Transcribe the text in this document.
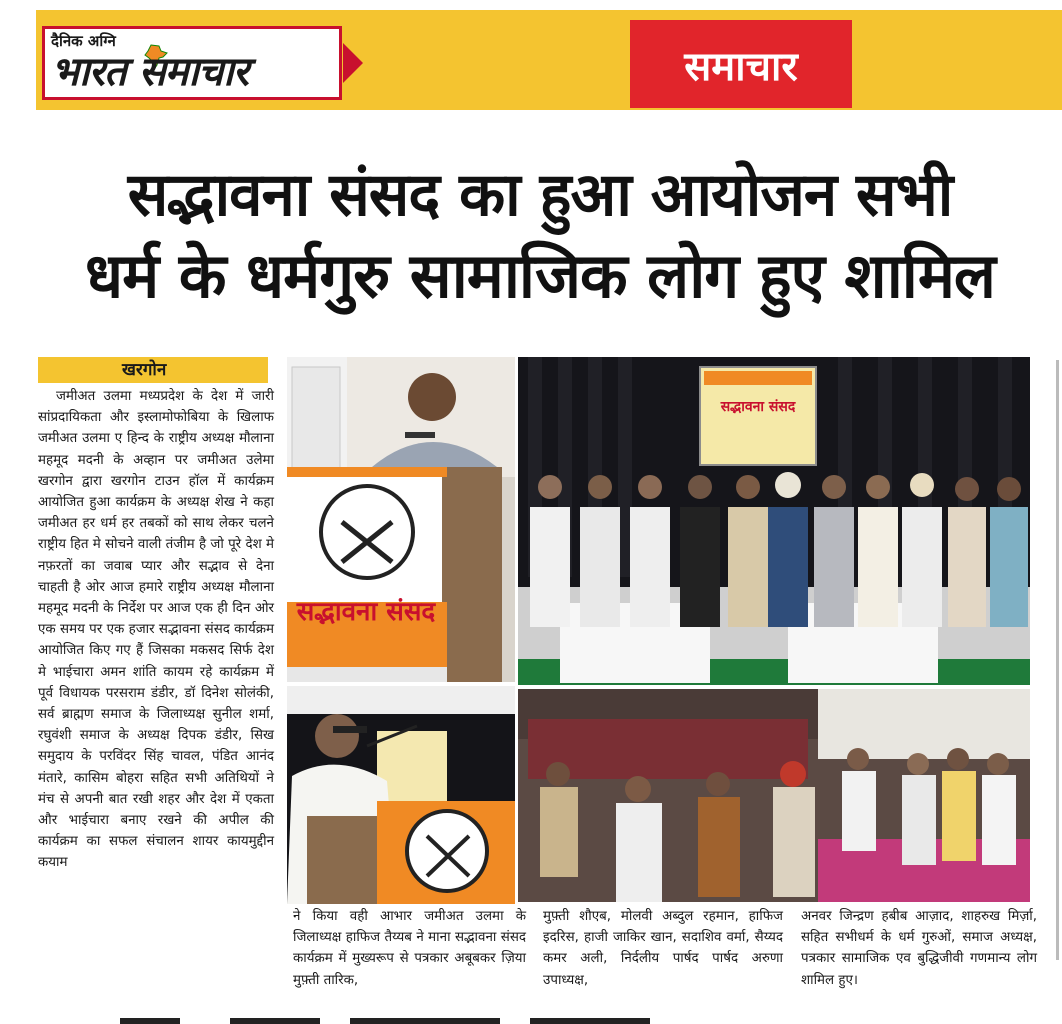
दैनिक अग्नि
भारत समाचार	समाचार
सद्भावना संसद का हुआ आयोजन सभी
धर्म के धर्मगुरु सामाजिक लोग हुए शामिल
खरगोन
जमीअत उलमा मध्यप्रदेश के देश में जारी सांप्रदायिकता और इस्लामोफोबिया के खिलाफ जमीअत उलमा ए हिन्द के राष्ट्रीय अध्यक्ष मौलाना महमूद मदनी के अव्हान पर जमीअत उलेमा खरगोन द्वारा खरगोन टाउन हॉल में कार्यक्रम आयोजित हुआ कार्यक्रम के अध्यक्ष शेख ने कहा जमीअत हर धर्म हर तबकों को साथ लेकर चलने राष्ट्रीय हित मे सोचने वाली तंजीम है जो पूरे देश मे नफ़रतों का जवाब प्यार और सद्भाव से देना चाहती है ओर आज हमारे राष्ट्रीय अध्यक्ष मौलाना महमूद मदनी के निर्देश पर आज एक ही दिन ओर एक समय पर एक हजार सद्भावना संसद कार्यक्रम आयोजित किए गए हैं जिसका मकसद सिर्फ देश मे भाईचारा अमन शांति कायम रहे कार्यक्रम में पूर्व विधायक परसराम डंडीर, डॉ दिनेश सोलंकी, सर्व ब्राह्मण समाज के जिलाध्यक्ष सुनील शर्मा, रघुवंशी समाज के अध्यक्ष दिपक डंडीर, सिख समुदाय के परविंदर सिंह चावल, पंडित आनंद मंतारे, कासिम बोहरा सहित सभी अतिथियों ने मंच से अपनी बात रखी शहर और देश में एकता और भाईचारा बनाए रखने की अपील की कार्यक्रम का सफल संचालन शायर कायमुद्दीन कयाम
ने किया वही आभार जमीअत उलमा के जिलाध्यक्ष हाफिज तैय्यब ने माना सद्भावना संसद कार्यक्रम में मुख्यरूप से पत्रकार अबूबकर ज़िया मुफ़्ती तारिक,
मुफ़्ती शौएब, मोलवी अब्दुल रहमान, हाफिज इदरिस, हाजी जाकिर खान, सदाशिव वर्मा, सैय्यद कमर अली, निर्दलीय पार्षद पार्षद अरुणा उपाध्यक्ष,
अनवर जिन्द्रण हबीब आज़ाद, शाहरुख मिर्ज़ा, सहित सभीधर्म के धर्म गुरुओं, समाज अध्यक्ष, पत्रकार सामाजिक एव बुद्धिजीवी गणमान्य लोग शामिल हुए।
सद्भावना संसद
सद्भावना संसद
